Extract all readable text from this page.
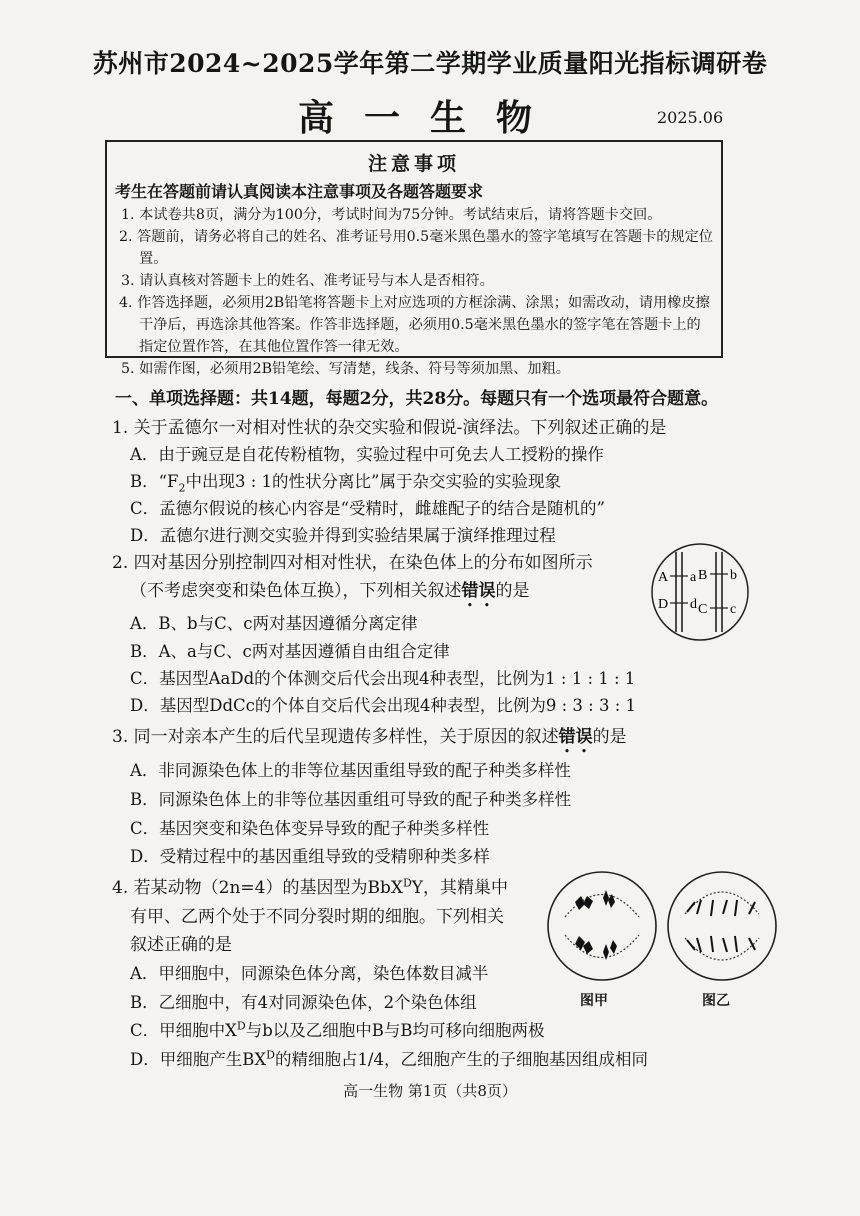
苏州市2024~2025学年第二学期学业质量阳光指标调研卷
高一生物	2025.06
注意事项
考生在答题前请认真阅读本注意事项及各题答题要求
1. 本试卷共8页，满分为100分，考试时间为75分钟。考试结束后，请将答题卡交回。
2. 答题前，请务必将自己的姓名、准考证号用0.5毫米黑色墨水的签字笔填写在答题卡的规定位置。
3. 请认真核对答题卡上的姓名、准考证号与本人是否相符。
4. 作答选择题，必须用2B铅笔将答题卡上对应选项的方框涂满、涂黑；如需改动，请用橡皮擦干净后，再选涂其他答案。作答非选择题，必须用0.5毫米黑色墨水的签字笔在答题卡上的指定位置作答，在其他位置作答一律无效。
5. 如需作图，必须用2B铅笔绘、写清楚，线条、符号等须加黑、加粗。
一、单项选择题：共14题，每题2分，共28分。每题只有一个选项最符合题意。
1. 关于孟德尔一对相对性状的杂交实验和假说-演绎法。下列叙述正确的是
A．由于豌豆是自花传粉植物，实验过程中可免去人工授粉的操作
B．“$F_2$中出现3 : 1的性状分离比”属于杂交实验的实验现象
C．孟德尔假说的核心内容是“受精时，雌雄配子的结合是随机的”
D．孟德尔进行测交实验并得到实验结果属于演绎推理过程
2. 四对基因分别控制四对相对性状，在染色体上的分布如图所示
（不考虑突变和染色体互换），下列相关叙述错误的是
A．B、b与C、c两对基因遵循分离定律
B．A、a与C、c两对基因遵循自由组合定律
C．基因型AaDd的个体测交后代会出现4种表型，比例为1 : 1 : 1 : 1
D．基因型DdCc的个体自交后代会出现4种表型，比例为9 : 3 : 3 : 1
A a
D d
B b
C c
3. 同一对亲本产生的后代呈现遗传多样性，关于原因的叙述错误的是
A．非同源染色体上的非等位基因重组导致的配子种类多样性
B．同源染色体上的非等位基因重组可导致的配子种类多样性
C．基因突变和染色体变异导致的配子种类多样性
D．受精过程中的基因重组导致的受精卵种类多样
4. 若某动物（2n=4）的基因型为BbX$^D$Y，其精巢中
有甲、乙两个处于不同分裂时期的细胞。下列相关
叙述正确的是
A．甲细胞中，同源染色体分离，染色体数目减半
B．乙细胞中，有4对同源染色体，2个染色体组
C．甲细胞中$X^D$与b以及乙细胞中B与B均可移向细胞两极
D．甲细胞产生$BX^D$的精细胞占1/4，乙细胞产生的子细胞基因组成相同
图甲	图乙
高一生物 第1页（共8页）
